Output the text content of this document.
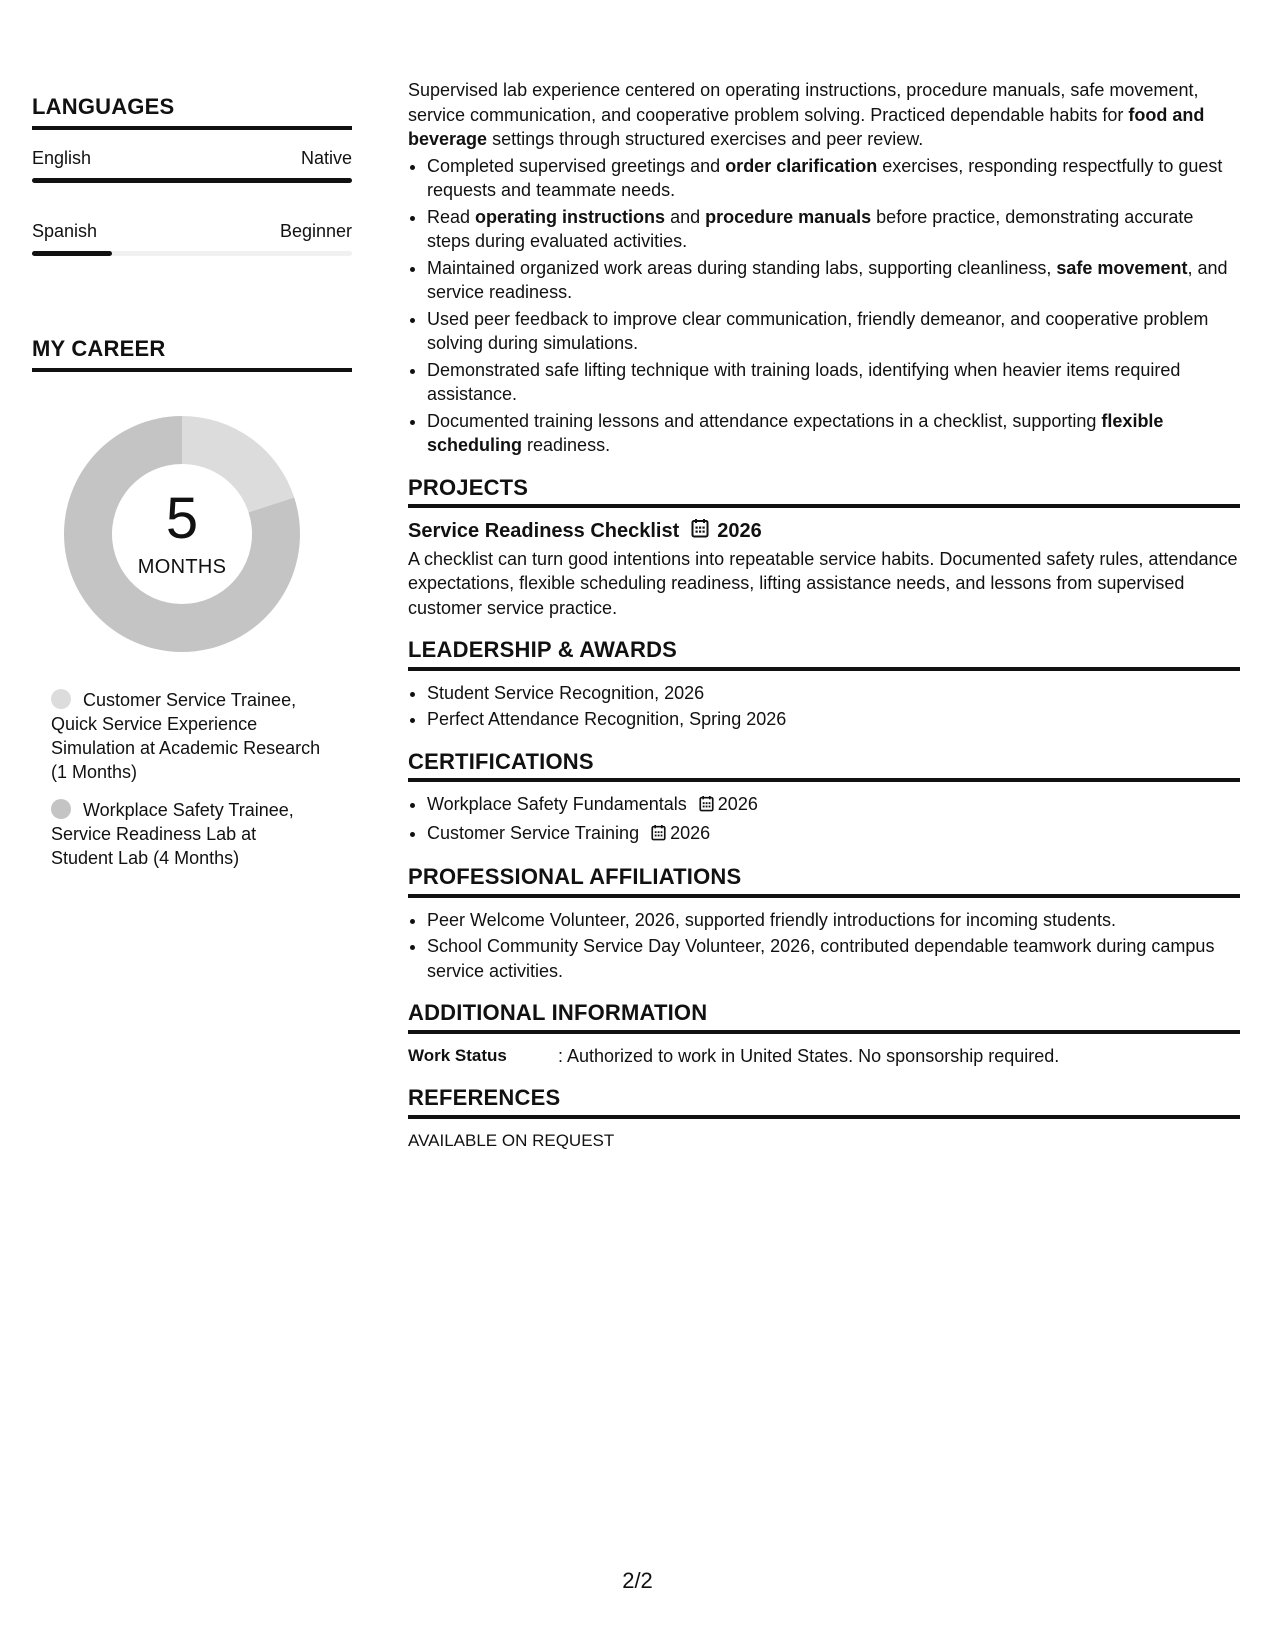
LANGUAGES
English	Native
Spanish	Beginner
MY CAREER
5
MONTHS
Customer Service Trainee, Quick Service Experience Simulation at Academic Research (1 Months)
Workplace Safety Trainee, Service Readiness Lab at Student Lab (4 Months)

Supervised lab experience centered on operating instructions, procedure manuals, safe movement, service communication, and cooperative problem solving. Practiced dependable habits for food and beverage settings through structured exercises and peer review.

• Completed supervised greetings and order clarification exercises, responding respectfully to guest requests and teammate needs.
• Read operating instructions and procedure manuals before practice, demonstrating accurate steps during evaluated activities.
• Maintained organized work areas during standing labs, supporting cleanliness, safe movement, and service readiness.
• Used peer feedback to improve clear communication, friendly demeanor, and cooperative problem solving during simulations.
• Demonstrated safe lifting technique with training loads, identifying when heavier items required assistance.
• Documented training lessons and attendance expectations in a checklist, supporting flexible scheduling readiness.
PROJECTS
Service Readiness Checklist 2026
A checklist can turn good intentions into repeatable service habits. Documented safety rules, attendance expectations, flexible scheduling readiness, lifting assistance needs, and lessons from supervised customer service practice.
LEADERSHIP & AWARDS
• Student Service Recognition, 2026
• Perfect Attendance Recognition, Spring 2026
CERTIFICATIONS
• Workplace Safety Fundamentals 2026
• Customer Service Training 2026
PROFESSIONAL AFFILIATIONS
• Peer Welcome Volunteer, 2026, supported friendly introductions for incoming students.
• School Community Service Day Volunteer, 2026, contributed dependable teamwork during campus service activities.
ADDITIONAL INFORMATION
Work Status	: Authorized to work in United States. No sponsorship required.
REFERENCES
AVAILABLE ON REQUEST
2/2
